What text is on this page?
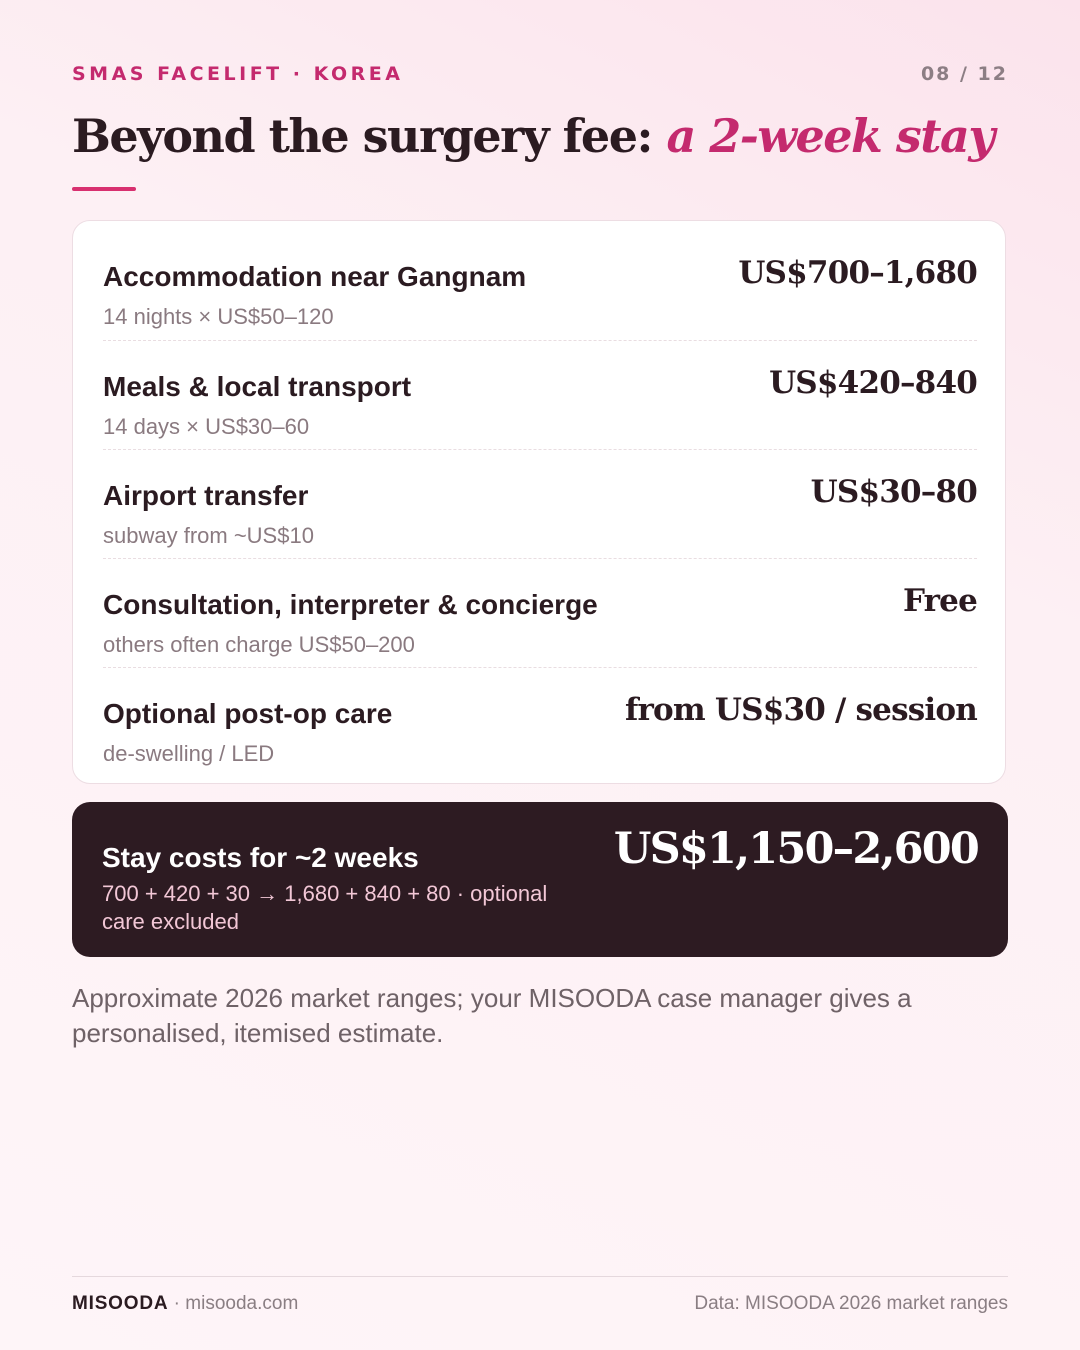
SMAS FACELIFT · KOREA	08 / 12
Beyond the surgery fee: a 2-week stay
Accommodation near Gangnam
14 nights × US$50–120
US$700–1,680
Meals & local transport
14 days × US$30–60
US$420–840
Airport transfer
subway from ~US$10
US$30–80
Consultation, interpreter & concierge
others often charge US$50–200
Free
Optional post-op care
de-swelling / LED
from US$30 / session
Stay costs for ~2 weeks
700 + 420 + 30 → 1,680 + 840 + 80 · optional care excluded
US$1,150–2,600

Approximate 2026 market ranges; your MISOODA case manager gives a personalised, itemised estimate.

MISOODA · misooda.com	Data: MISOODA 2026 market ranges
